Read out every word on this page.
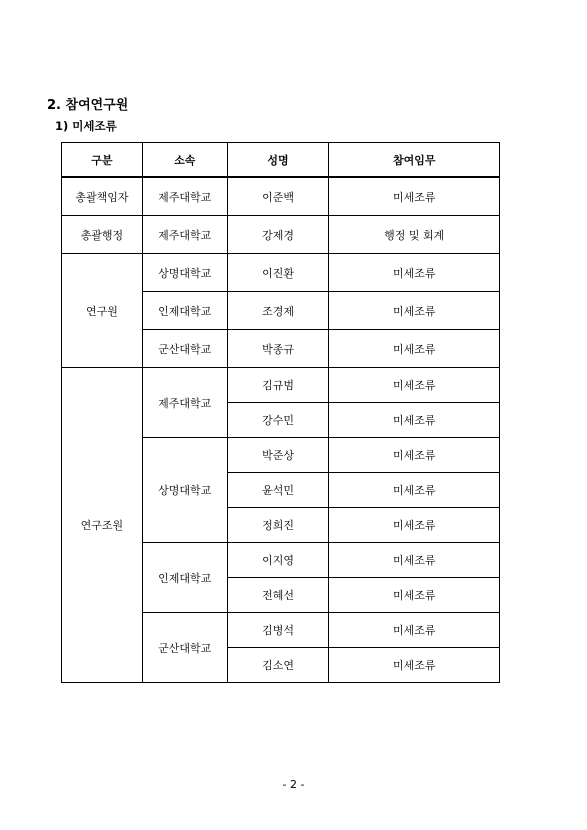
2. 참여연구원
1) 미세조류
구분	소속	성명	참여임무
총괄책임자	제주대학교	이준백	미세조류
총괄행정	제주대학교	강제경	행정 및 회계
연구원	상명대학교	이진환	미세조류
	인제대학교	조경제	미세조류
	군산대학교	박종규	미세조류
연구조원	제주대학교	김규범	미세조류
		강수민	미세조류
	상명대학교	박준상	미세조류
		윤석민	미세조류
		정희진	미세조류
	인제대학교	이지영	미세조류
		전혜선	미세조류
	군산대학교	김병석	미세조류
		김소연	미세조류
- 2 -
